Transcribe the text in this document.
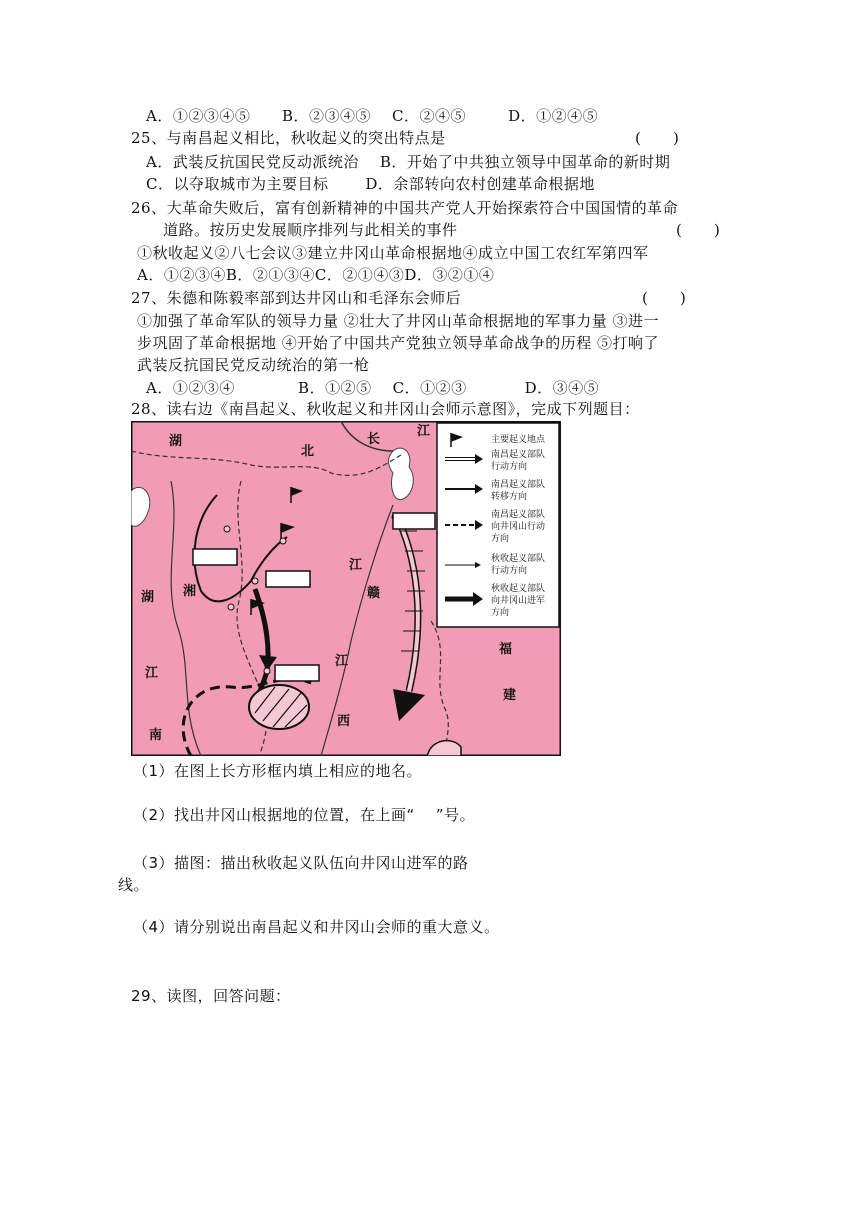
A．①②③④⑤      B．②③④⑤    C．②④⑤        D．①②④⑤
25、与南昌起义相比，秋收起义的突出特点是	(      )
A．武装反抗国民党反动派统治    B．开始了中共独立领导中国革命的新时期
C．以夺取城市为主要目标       D．余部转向农村创建革命根据地
26、大革命失败后，富有创新精神的中国共产党人开始探索符合中国国情的革命
道路。按历史发展顺序排列与此相关的事件	(      )
①秋收起义②八七会议③建立井冈山革命根据地④成立中国工农红军第四军
A．①②③④B．②①③④C．②①④③D．③②①④
27、朱德和陈毅率部到达井冈山和毛泽东会师后	(      )
①加强了革命军队的领导力量 ②壮大了井冈山革命根据地的军事力量 ③进一
步巩固了革命根据地 ④开始了中国共产党独立领导革命战争的历程 ⑤打响了
武装反抗国民党反动统治的第一枪
A．①②③④            B．①②⑤    C．①②③           D．③④⑤
28、读右边《南昌起义、秋收起义和井冈山会师示意图》，完成下列题目：
湖
北
长
江
湖 湘
江
南
江
赣
江
西
福
建
主要起义地点
南昌起义部队
行动方向
南昌起义部队
转移方向
南昌起义部队
向井冈山行动
方向
秋收起义部队
行动方向
秋收起义部队
向井冈山进军
方向
（1）在图上长方形框内填上相应的地名。
（2）找出井冈山根据地的位置，在上画“    ”号。
（3）描图：描出秋收起义队伍向井冈山进军的路
线。
（4）请分别说出南昌起义和井冈山会师的重大意义。
29、读图，回答问题：
